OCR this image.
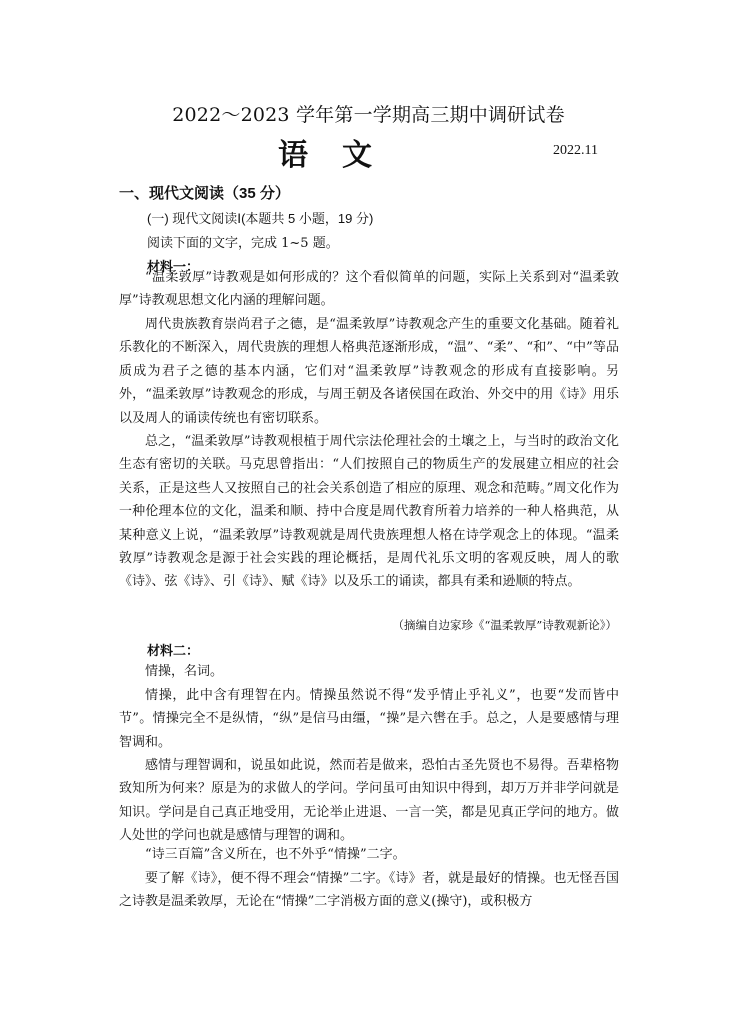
2022～2023 学年第一学期高三期中调研试卷
语文	2022.11
一、现代文阅读（35 分）
(一) 现代文阅读Ⅰ(本题共 5 小题，19 分)
阅读下面的文字，完成 1~5 题。
材料一：

“温柔敦厚”诗教观是如何形成的？这个看似简单的问题，实际上关系到对“温柔敦厚”诗教观思想文化内涵的理解问题。

周代贵族教育崇尚君子之德，是“温柔敦厚”诗教观念产生的重要文化基础。随着礼乐教化的不断深入，周代贵族的理想人格典范逐渐形成，“温”、“柔”、“和”、“中”等品质成为君子之德的基本内涵，它们对“温柔敦厚”诗教观念的形成有直接影响。另外，“温柔敦厚”诗教观念的形成，与周王朝及各诸侯国在政治、外交中的用《诗》用乐以及周人的诵读传统也有密切联系。

总之，“温柔敦厚”诗教观根植于周代宗法伦理社会的土壤之上，与当时的政治文化生态有密切的关联。马克思曾指出：“人们按照自己的物质生产的发展建立相应的社会关系，正是这些人又按照自己的社会关系创造了相应的原理、观念和范畴。”周文化作为一种伦理本位的文化，温柔和顺、持中合度是周代教育所着力培养的一种人格典范，从某种意义上说，“温柔敦厚”诗教观就是周代贵族理想人格在诗学观念上的体现。“温柔敦厚”诗教观念是源于社会实践的理论概括，是周代礼乐文明的客观反映，周人的歌《诗》、弦《诗》、引《诗》、赋《诗》以及乐工的诵读，都具有柔和逊顺的特点。

（摘编自边家珍《“温柔敦厚”诗教观新论》）
材料二：

情操，名词。

情操，此中含有理智在内。情操虽然说不得“发乎情止乎礼义”，也要“发而皆中节”。情操完全不是纵情，“纵”是信马由缰，“操”是六辔在手。总之，人是要感情与理智调和。

感情与理智调和，说虽如此说，然而若是做来，恐怕古圣先贤也不易得。吾辈格物致知所为何来？原是为的求做人的学问。学问虽可由知识中得到，却万万并非学问就是知识。学问是自己真正地受用，无论举止进退、一言一笑，都是见真正学问的地方。做人处世的学问也就是感情与理智的调和。

“诗三百篇”含义所在，也不外乎“情操”二字。

要了解《诗》，便不得不理会“情操”二字。《诗》者，就是最好的情操。也无怪吾国之诗教是温柔敦厚，无论在“情操”二字消极方面的意义(操守)，或积极方
